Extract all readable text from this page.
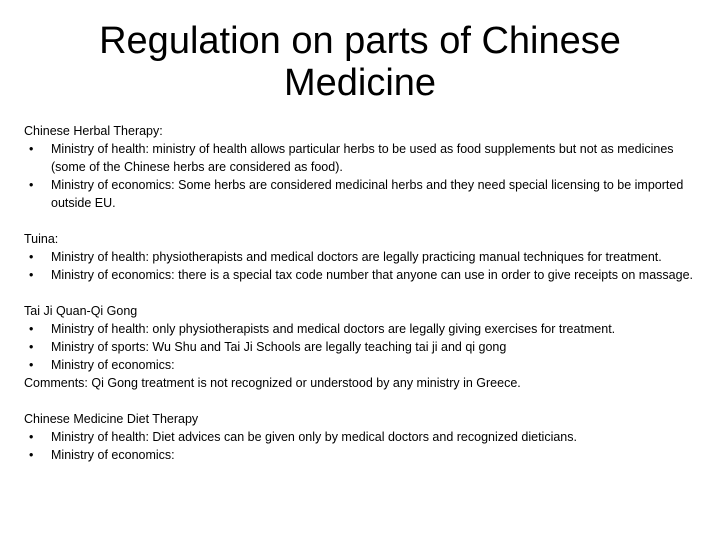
Regulation on parts of Chinese Medicine
Chinese Herbal Therapy:
• Ministry of health: ministry of health allows particular herbs to be used as food supplements but not as medicines (some of the Chinese herbs are considered as food).
• Ministry of economics: Some herbs are considered medicinal herbs and they need special licensing to be imported outside EU.
Tuina:
• Ministry of health: physiotherapists and medical doctors are legally practicing manual techniques for treatment.
• Ministry of economics: there is a special tax code number that anyone can use in order to give receipts on massage.
Tai Ji Quan-Qi Gong
• Ministry of health: only physiotherapists and medical doctors are legally giving exercises for treatment.
• Ministry of sports: Wu Shu and Tai Ji Schools are legally teaching tai ji and qi gong
• Ministry of economics:
Comments: Qi Gong treatment is not recognized or understood by any ministry in Greece.
Chinese Medicine Diet Therapy
• Ministry of health: Diet advices can be given only by medical doctors and recognized dieticians.
• Ministry of economics:
